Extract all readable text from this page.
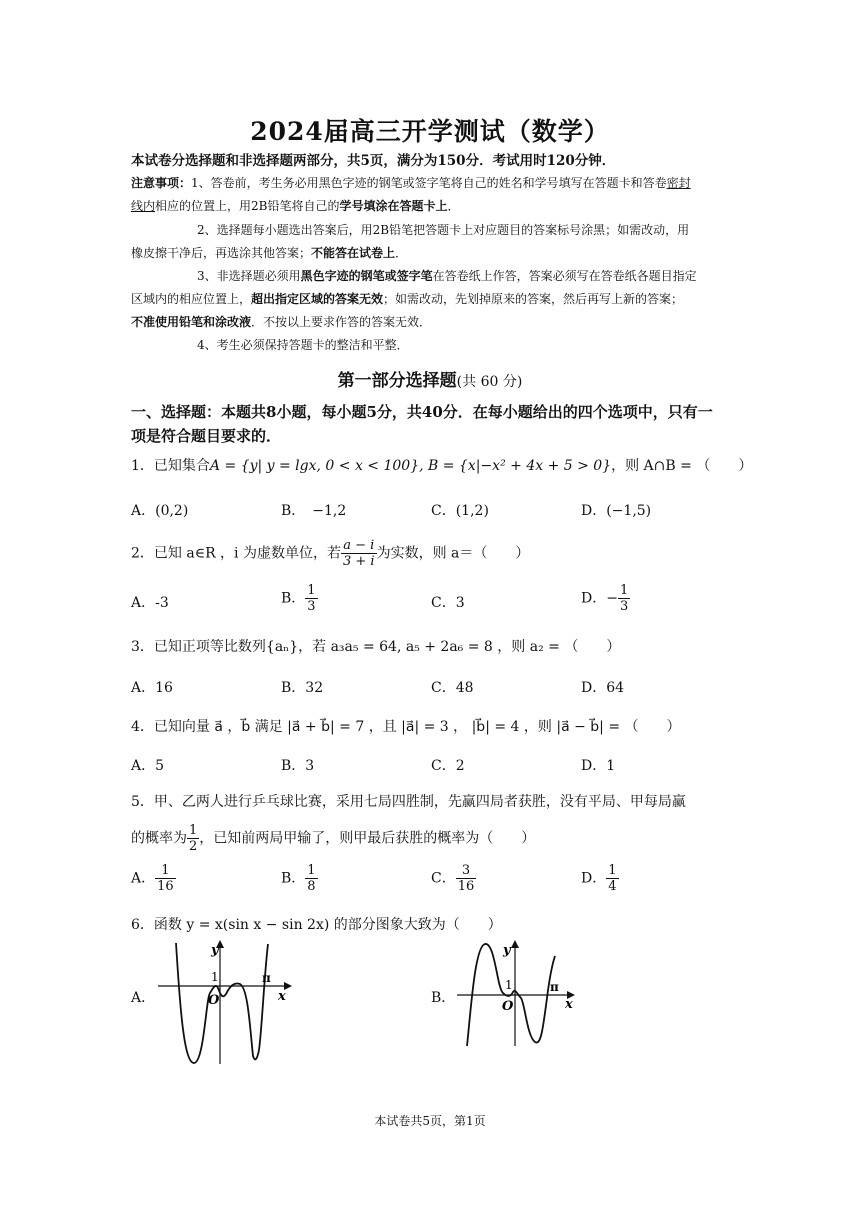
2024届高三开学测试（数学）
本试卷分选择题和非选择题两部分，共5页，满分为150分．考试用时120分钟．
注意事项：1、答卷前，考生务必用黑色字迹的钢笔或签字笔将自己的姓名和学号填写在答题卡和答卷密封
线内相应的位置上，用2B铅笔将自己的学号填涂在答题卡上．
2、选择题每小题选出答案后，用2B铅笔把答题卡上对应题目的答案标号涂黑；如需改动，用
橡皮擦干净后，再选涂其他答案；不能答在试卷上．
3、非选择题必须用黑色字迹的钢笔或签字笔在答卷纸上作答，答案必须写在答卷纸各题目指定
区域内的相应位置上，超出指定区域的答案无效；如需改动，先划掉原来的答案，然后再写上新的答案；
不准使用铅笔和涂改液．不按以上要求作答的答案无效．
4、考生必须保持答题卡的整洁和平整．
第一部分选择题(共 60 分)
一、选择题：本题共8小题，每小题5分，共40分．在每小题给出的四个选项中，只有一
项是符合题目要求的．
1．已知集合A = {y| y = lgx, 0 < x < 100}, B = {x|−x² + 4x + 5 > 0}，则 A∩B = （　　）
A．(0,2)	B．　−1,2	C．(1,2)	D．(−1,5)
2．已知 a∈R ，i 为虚数单位，若 $\frac{a - i}{3 + i}$ 为实数，则 a＝（　　）
A．-3	B． $\frac{1}{3}$	C．3	D．− $\frac{1}{3}$
3．已知正项等比数列{aₙ}，若 a₃a₅ = 64, a₅ + 2a₆ = 8 ，则 a₂ = （　　）
A．16	B．32	C．48	D．64
4．已知向量 a⃗ ，b⃗ 满足 |a⃗ + b⃗| = 7 ，且 |a⃗| = 3 ， |b⃗| = 4 ，则 |a⃗ − b⃗| = （　　）
A．5	B．3	C．2	D．1
5．甲、乙两人进行乒乓球比赛，采用七局四胜制，先赢四局者获胜，没有平局、甲每局赢
的概率为 $\frac{1}{2}$ ，已知前两局甲输了，则甲最后获胜的概率为（　　）
A． $\frac{1}{16}$	B． $\frac{1}{8}$	C． $\frac{3}{16}$	D． $\frac{1}{4}$
6．函数 y = x(sin x − sin 2x) 的部分图象大致为（　　）
A．
y
1
O
π
x	B．
y
1
O
π
x
本试卷共5页，第1页
